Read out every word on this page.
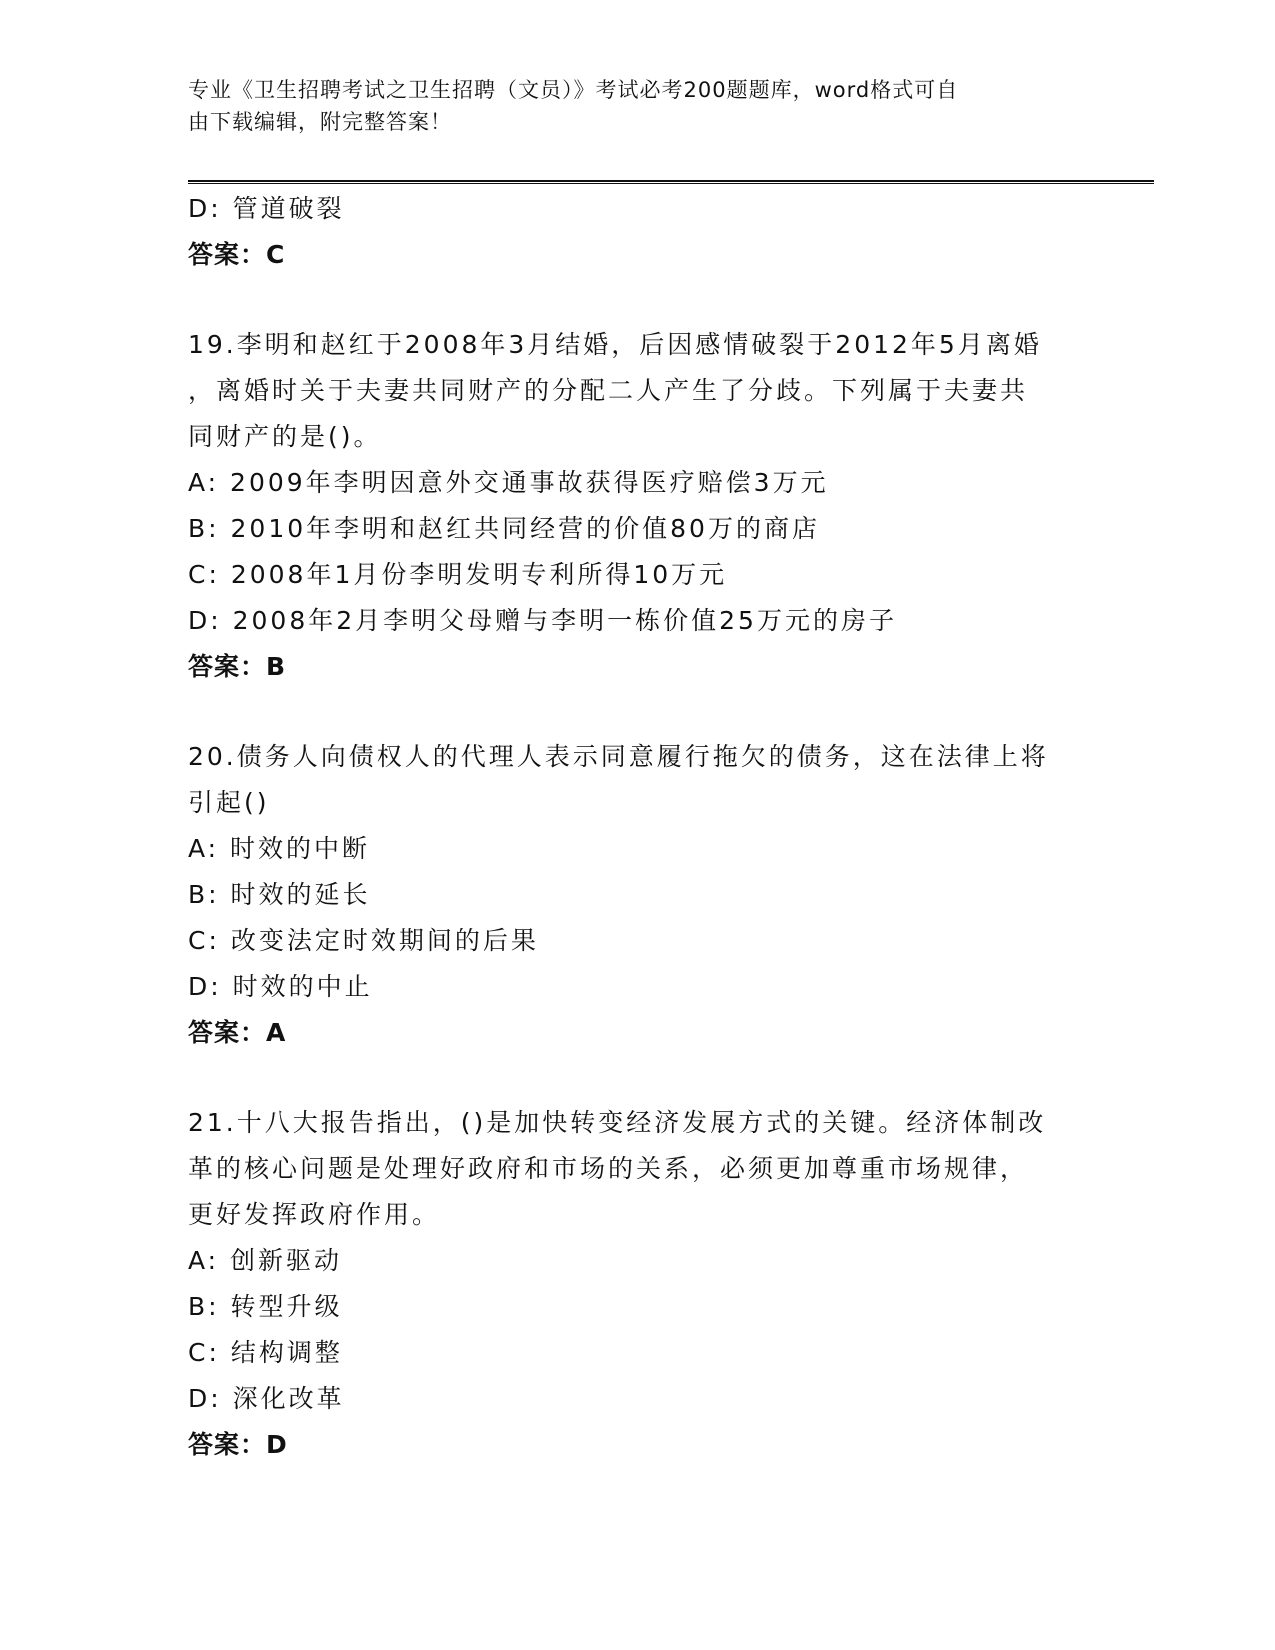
专业《卫生招聘考试之卫生招聘（文员）》考试必考200题题库，word格式可自
由下载编辑，附完整答案！
D: 管道破裂
答案：C
19.李明和赵红于2008年3月结婚，后因感情破裂于2012年5月离婚
，离婚时关于夫妻共同财产的分配二人产生了分歧。下列属于夫妻共
同财产的是()。
A: 2009年李明因意外交通事故获得医疗赔偿3万元
B: 2010年李明和赵红共同经营的价值80万的商店
C: 2008年1月份李明发明专利所得10万元
D: 2008年2月李明父母赠与李明一栋价值25万元的房子
答案：B
20.债务人向债权人的代理人表示同意履行拖欠的债务，这在法律上将
引起()
A: 时效的中断
B: 时效的延长
C: 改变法定时效期间的后果
D: 时效的中止
答案：A
21.十八大报告指出，()是加快转变经济发展方式的关键。经济体制改
革的核心问题是处理好政府和市场的关系，必须更加尊重市场规律，
更好发挥政府作用。
A: 创新驱动
B: 转型升级
C: 结构调整
D: 深化改革
答案：D
